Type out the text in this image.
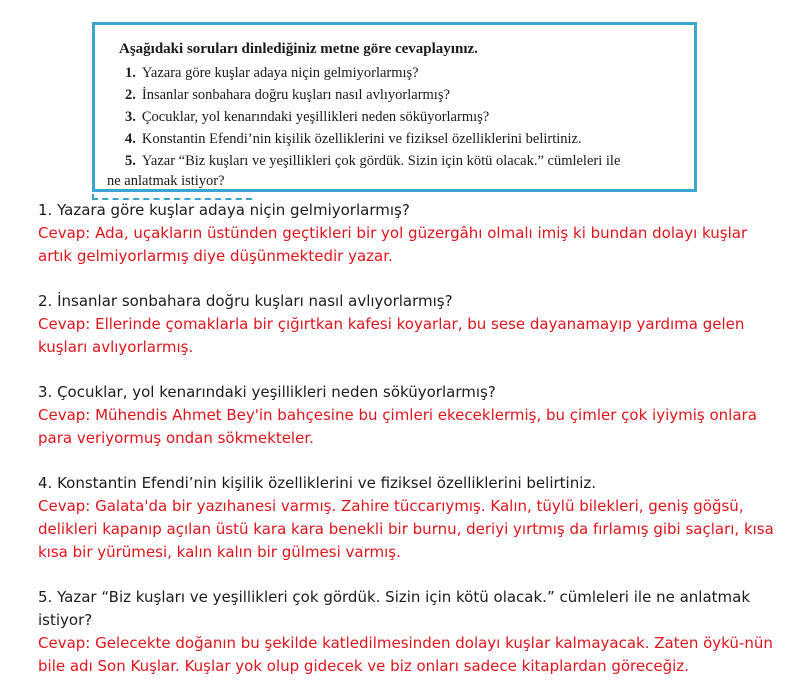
Aşağıdaki soruları dinlediğiniz metne göre cevaplayınız.
1. Yazara göre kuşlar adaya niçin gelmiyorlarmış?
2. İnsanlar sonbahara doğru kuşları nasıl avlıyorlarmış?
3. Çocuklar, yol kenarındaki yeşillikleri neden söküyorlarmış?
4. Konstantin Efendi’nin kişilik özelliklerini ve fiziksel özelliklerini belirtiniz.
5. Yazar “Biz kuşları ve yeşillikleri çok gördük. Sizin için kötü olacak.” cümleleri ile
ne anlatmak istiyor?
1. Yazara göre kuşlar adaya niçin gelmiyorlarmış?
Cevap: Ada, uçakların üstünden geçtikleri bir yol güzergâhı olmalı imiş ki bundan dolayı kuşlar artık gelmiyorlarmış diye düşünmektedir yazar.
2. İnsanlar sonbahara doğru kuşları nasıl avlıyorlarmış?
Cevap: Ellerinde çomaklarla bir çığırtkan kafesi koyarlar, bu sese dayanamayıp yardıma gelen kuşları avlıyorlarmış.
3. Çocuklar, yol kenarındaki yeşillikleri neden söküyorlarmış?
Cevap: Mühendis Ahmet Bey'in bahçesine bu çimleri ekeceklermiş, bu çimler çok iyiymiş onlara para veriyormuş ondan sökmekteler.
4. Konstantin Efendi’nin kişilik özelliklerini ve fiziksel özelliklerini belirtiniz.
Cevap: Galata'da bir yazıhanesi varmış. Zahire tüccarıymış. Kalın, tüylü bilekleri, geniş göğsü, delikleri kapanıp açılan üstü kara kara benekli bir burnu, deriyi yırtmış da fırlamış gibi saçları, kısa kısa bir yürümesi, kalın kalın bir gülmesi varmış.
5. Yazar “Biz kuşları ve yeşillikleri çok gördük. Sizin için kötü olacak.” cümleleri ile ne anlatmak istiyor?
Cevap: Gelecekte doğanın bu şekilde katledilmesinden dolayı kuşlar kalmayacak. Zaten öykü-nün bile adı Son Kuşlar. Kuşlar yok olup gidecek ve biz onları sadece kitaplardan göreceğiz.
